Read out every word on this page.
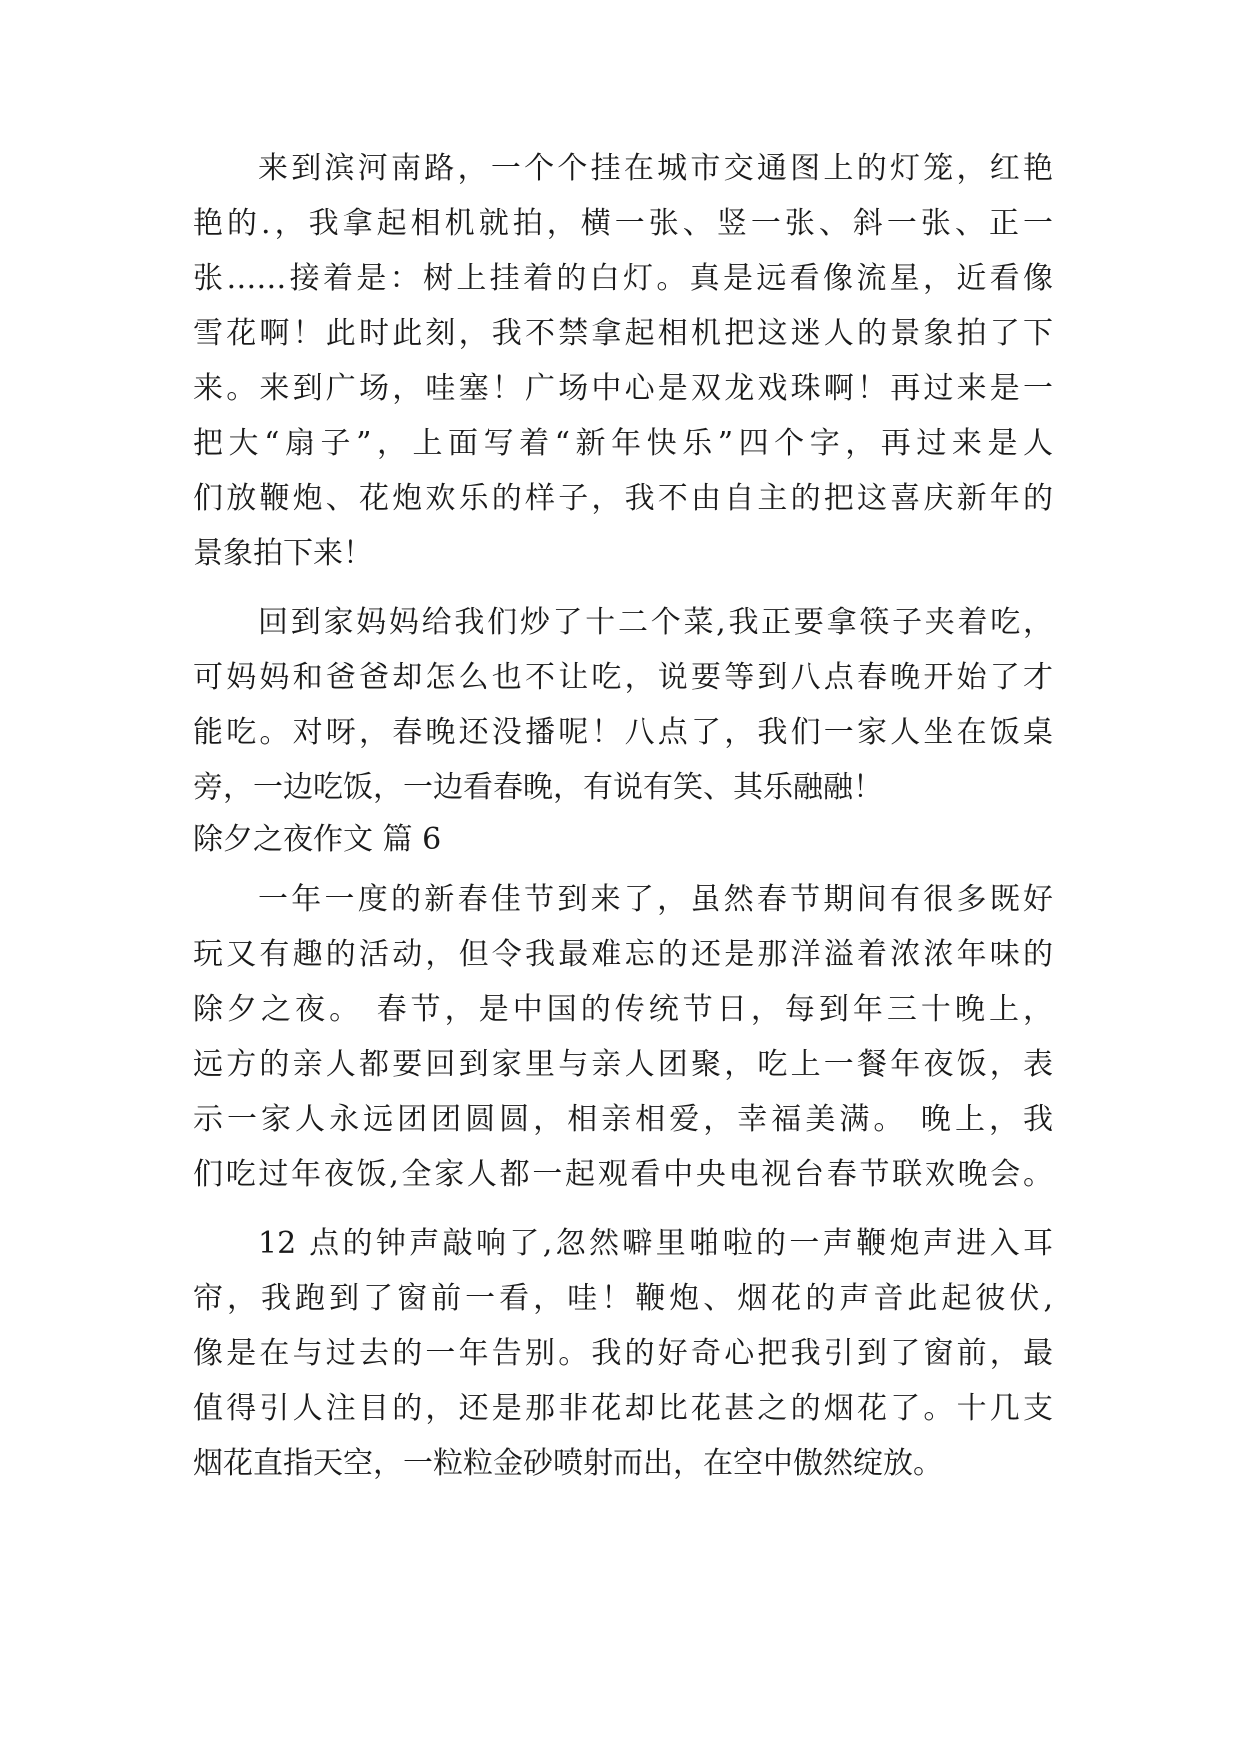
来到滨河南路，一个个挂在城市交通图上的灯笼，红艳
艳的.，我拿起相机就拍，横一张、竖一张、斜一张、正一
张……接着是：树上挂着的白灯。真是远看像流星，近看像
雪花啊！此时此刻，我不禁拿起相机把这迷人的景象拍了下
来。来到广场，哇塞！广场中心是双龙戏珠啊！再过来是一
把大“扇子”，上面写着“新年快乐”四个字，再过来是人
们放鞭炮、花炮欢乐的样子，我不由自主的把这喜庆新年的
景象拍下来！
回到家妈妈给我们炒了十二个菜,我正要拿筷子夹着吃，
可妈妈和爸爸却怎么也不让吃，说要等到八点春晚开始了才
能吃。对呀，春晚还没播呢！八点了，我们一家人坐在饭桌
旁，一边吃饭，一边看春晚，有说有笑、其乐融融！
除夕之夜作文 篇 6
一年一度的新春佳节到来了，虽然春节期间有很多既好
玩又有趣的活动，但令我最难忘的还是那洋溢着浓浓年味的
除夕之夜。 春节，是中国的传统节日，每到年三十晚上，
远方的亲人都要回到家里与亲人团聚，吃上一餐年夜饭，表
示一家人永远团团圆圆，相亲相爱，幸福美满。 晚上，我
们吃过年夜饭,全家人都一起观看中央电视台春节联欢晚会。
12 点的钟声敲响了,忽然噼里啪啦的一声鞭炮声进入耳
帘，我跑到了窗前一看，哇！鞭炮、烟花的声音此起彼伏,
像是在与过去的一年告别。我的好奇心把我引到了窗前，最
值得引人注目的，还是那非花却比花甚之的烟花了。十几支
烟花直指天空，一粒粒金砂喷射而出，在空中傲然绽放。
